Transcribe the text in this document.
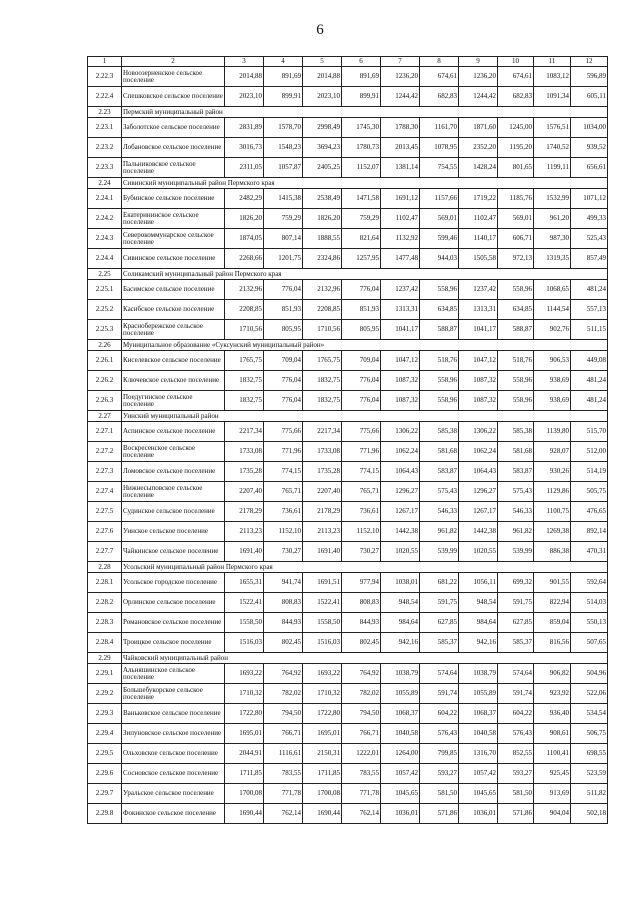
6
1	2	3	4	5	6	7	8	9	10	11	12
2.22.3	Новоозерненское сельское поселение	2014,88	891,69	2014,88	891,69	1236,20	674,61	1236,20	674,61	1083,12	596,89
2.22.4	Спешковское сельское поселение	2023,10	899,91	2023,10	899,91	1244,42	682,83	1244,42	682,83	1091,34	605,11
2.23	Пермский муниципальный район										
2.23.1	Заболотское сельское поселение	2831,89	1578,70	2998,49	1745,30	1788,30	1161,70	1871,60	1245,00	1576,51	1034,00
2.23.2	Лобановское сельское поселение	3016,73	1548,23	3694,23	1780,73	2013,45	1078,95	2352,20	1195,20	1740,52	939,52
2.23.3	Пальниковское сельское поселение	2311,05	1057,87	2405,25	1152,07	1381,14	754,55	1428,24	801,65	1199,11	656,61
2.24	Сивинский муниципальный район Пермского края										
2.24.1	Бубинское сельское поселение	2482,29	1415,38	2538,49	1471,58	1691,12	1157,66	1719,22	1185,76	1532,99	1071,12
2.24.2	Екатерининское сельское поселение	1826,20	759,29	1826,20	759,29	1102,47	569,01	1102,47	569,01	961,20	499,33
2.24.3	Северокоммунарское сельское поселение	1874,05	807,14	1888,55	821,64	1132,92	599,46	1140,17	606,71	987,30	525,43
2.24.4	Сивинское сельское поселение	2268,66	1201,75	2324,86	1257,95	1477,48	944,03	1505,58	972,13	1319,35	857,49
2.25	Соликамский муниципальный район Пермского края										
2.25.1	Басимское сельское поселение	2132,96	776,04	2132,96	776,04	1237,42	558,96	1237,42	558,96	1068,65	481,24
2.25.2	Касибское сельское поселение	2208,85	851,93	2208,85	851,93	1313,31	634,85	1313,31	634,85	1144,54	557,13
2.25.3	Краснобережское сельское поселение	1710,56	805,95	1710,56	805,95	1041,17	588,87	1041,17	588,87	902,76	511,15
2.26	Муниципальное образование «Суксунский муниципальный район»										
2.26.1	Киселевское сельское поселение	1765,75	709,04	1765,75	709,04	1047,12	518,76	1047,12	518,76	906,53	449,08
2.26.2	Ключевское сельское поселение	1832,75	776,04	1832,75	776,04	1087,32	558,96	1087,32	558,96	938,69	481,24
2.26.3	Поедугинское сельское поселение	1832,75	776,04	1832,75	776,04	1087,32	558,96	1087,32	558,96	938,69	481,24
2.27	Уинский муниципальный район										
2.27.1	Аспинское сельское поселение	2217,34	775,66	2217,34	775,66	1306,22	585,38	1306,22	585,38	1139,80	515,70
2.27.2	Воскресенское сельское поселение	1733,08	771,96	1733,08	771,96	1062,24	581,68	1062,24	581,68	928,07	512,00
2.27.3	Ломовское сельское поселение	1735,28	774,15	1735,28	774,15	1064,43	583,87	1064,43	583,87	930,26	514,19
2.27.4	Нижнесыповское сельское поселение	2207,40	765,71	2207,40	765,71	1296,27	575,43	1296,27	575,43	1129,86	505,75
2.27.5	Судинское сельское поселение	2178,29	736,61	2178,29	736,61	1267,17	546,33	1267,17	546,33	1100,75	476,65
2.27.6	Уинское сельское поселение	2113,23	1152,10	2113,23	1152,10	1442,38	961,82	1442,38	961,82	1269,38	892,14
2.27.7	Чайкинское сельское поселение	1691,40	730,27	1691,40	730,27	1020,55	539,99	1020,55	539,99	886,38	470,31
2.28	Усольский муниципальный район Пермского края										
2.28.1	Усольское городское поселение	1655,31	941,74	1691,51	977,94	1038,01	681,22	1056,11	699,32	901,55	592,64
2.28.2	Орлинское сельское поселение	1522,41	808,83	1522,41	808,83	948,54	591,75	948,54	591,75	822,94	514,03
2.28.3	Романовское сельское поселение	1558,50	844,93	1558,50	844,93	984,64	627,85	984,64	627,85	859,04	550,13
2.28.4	Троицкое сельское поселение	1516,03	802,45	1516,03	802,45	942,16	585,37	942,16	585,37	816,56	507,65
2.29	Чайковский муниципальный район										
2.29.1	Альняшинское сельское поселение	1693,22	764,92	1693,22	764,92	1038,79	574,64	1038,79	574,64	906,82	504,96
2.29.2	Большебукорское сельское поселение	1710,32	782,02	1710,32	782,02	1055,89	591,74	1055,89	591,74	923,92	522,06
2.29.3	Ваньковское сельское поселение	1722,80	794,50	1722,80	794,50	1068,37	604,22	1068,37	604,22	936,40	534,54
2.29.4	Зипуновское сельское поселение	1695,01	766,71	1695,01	766,71	1040,58	576,43	1040,58	576,43	908,61	506,75
2.29.5	Ольховское сельское поселение	2044,91	1116,61	2150,31	1222,01	1264,00	799,85	1316,70	852,55	1100,41	698,55
2.29.6	Сосновское сельское поселение	1711,85	783,55	1711,85	783,55	1057,42	593,27	1057,42	593,27	925,45	523,59
2.29.7	Уральское сельское поселение	1700,08	771,78	1700,08	771,78	1045,65	581,50	1045,65	581,50	913,69	511,82
2.29.8	Фокинское сельское поселение	1690,44	762,14	1690,44	762,14	1036,01	571,86	1036,01	571,86	904,04	502,18
